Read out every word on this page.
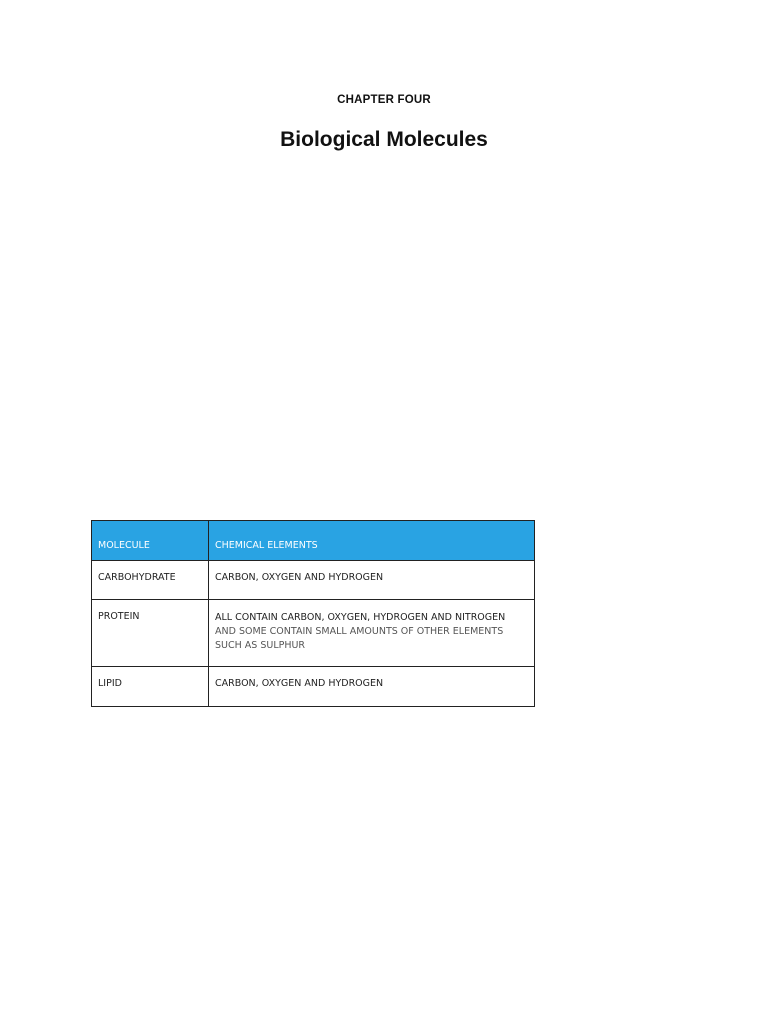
CHAPTER FOUR
Biological Molecules
MOLECULE	CHEMICAL ELEMENTS
CARBOHYDRATE	CARBON, OXYGEN AND HYDROGEN
PROTEIN	ALL CONTAIN CARBON, OXYGEN, HYDROGEN AND NITROGEN
AND SOME CONTAIN SMALL AMOUNTS OF OTHER ELEMENTS
SUCH AS SULPHUR

LIPID	CARBON, OXYGEN AND HYDROGEN
